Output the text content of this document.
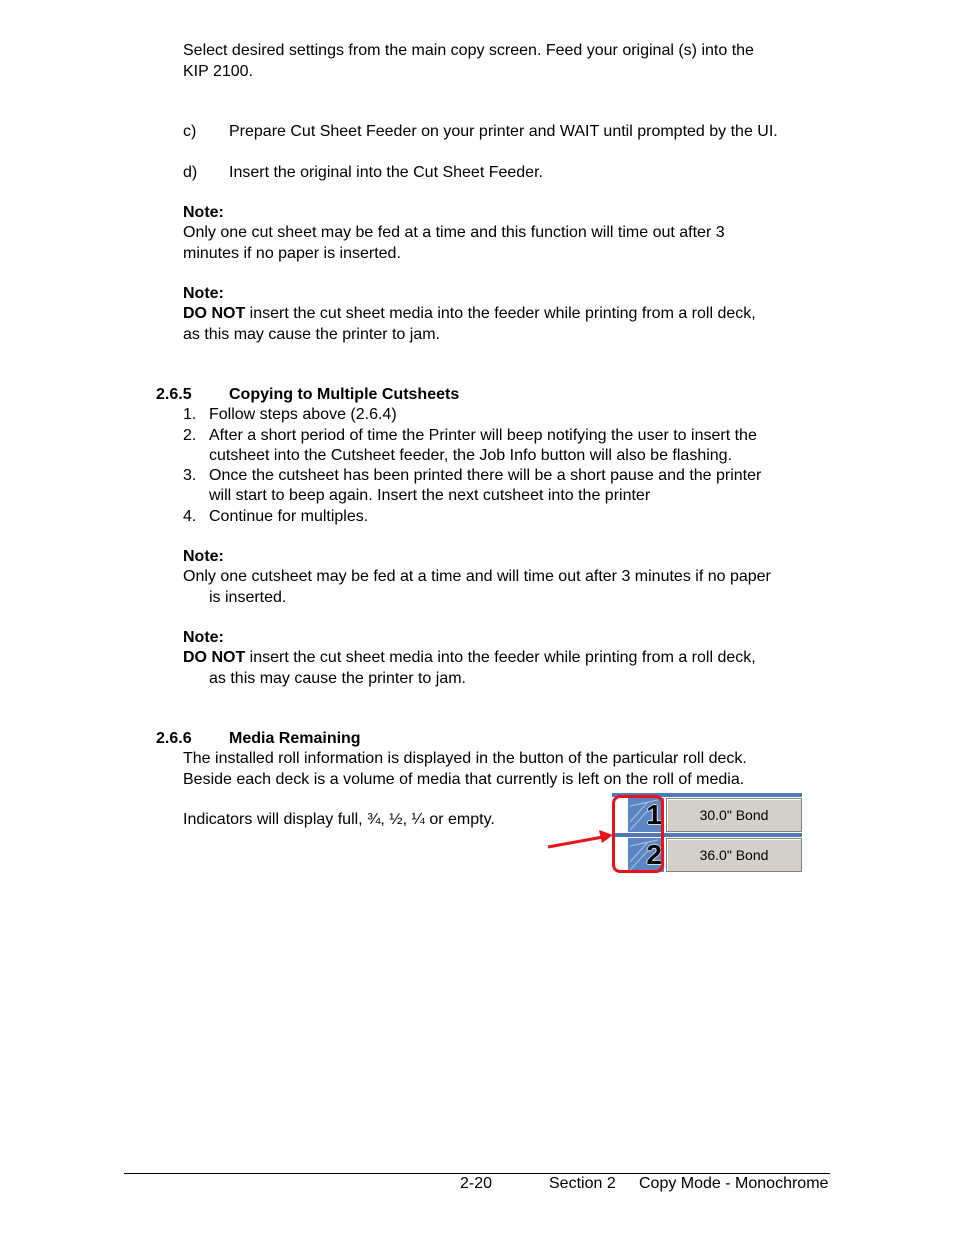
Select desired settings from the main copy screen. Feed your original (s) into the
KIP 2100.
c) Prepare Cut Sheet Feeder on your printer and WAIT until prompted by the UI.
d) Insert the original into the Cut Sheet Feeder.
Note:
Only one cut sheet may be fed at a time and this function will time out after 3
minutes if no paper is inserted.
Note:
DO NOT insert the cut sheet media into the feeder while printing from a roll deck,
as this may cause the printer to jam.
2.6.5 Copying to Multiple Cutsheets
1. Follow steps above (2.6.4)
2. After a short period of time the Printer will beep notifying the user to insert the
cutsheet into the Cutsheet feeder, the Job Info button will also be flashing.
3. Once the cutsheet has been printed there will be a short pause and the printer
will start to beep again. Insert the next cutsheet into the printer
4. Continue for multiples.
Note:
Only one cutsheet may be fed at a time and will time out after 3 minutes if no paper
is inserted.
Note:
DO NOT insert the cut sheet media into the feeder while printing from a roll deck,
as this may cause the printer to jam.
2.6.6 Media Remaining
The installed roll information is displayed in the button of the particular roll deck.
Beside each deck is a volume of media that currently is left on the roll of media.
Indicators will display full, ¾, ½, ¼ or empty.	1	30.0" Bond
2	36.0" Bond
2-20	Section 2 Copy Mode - Monochrome
